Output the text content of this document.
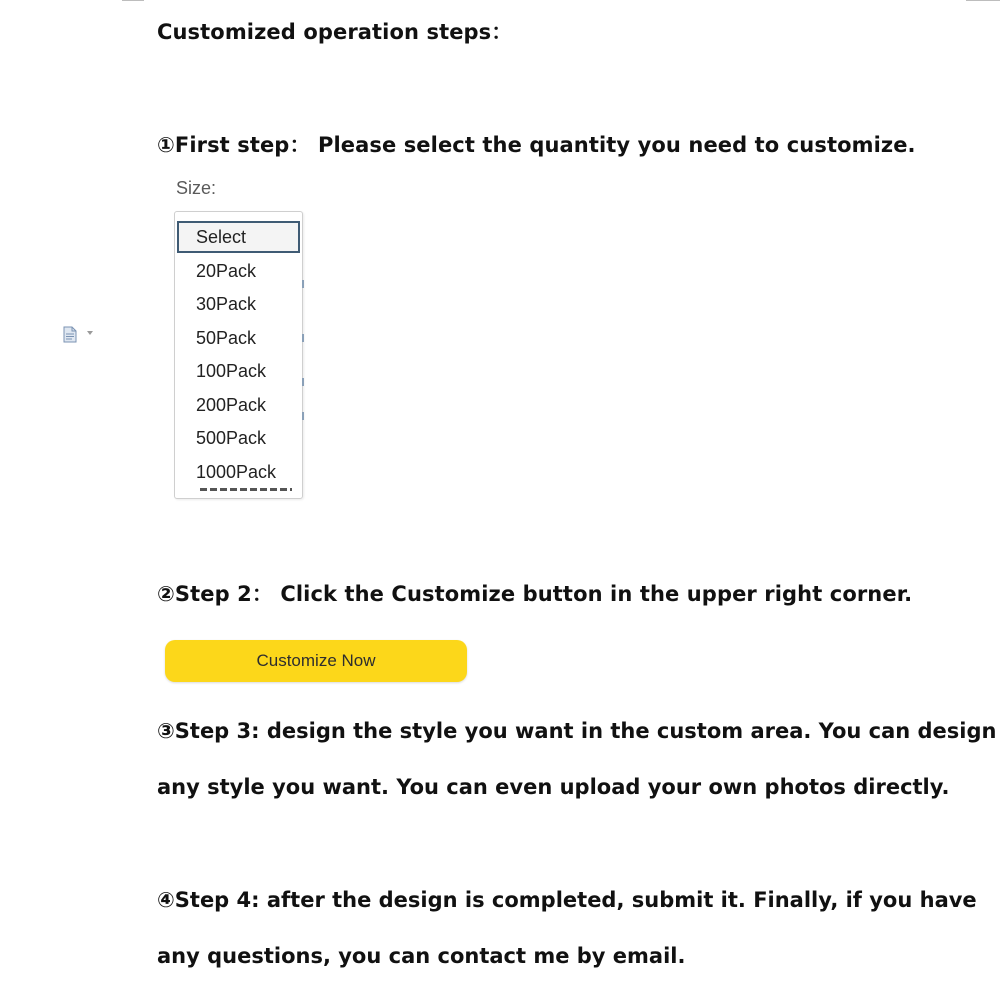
Customized operation steps：
①First step： Please select the quantity you need to customize.
Size:
Select
20Pack
30Pack
50Pack
100Pack
200Pack
500Pack
1000Pack
②Step 2： Click the Customize button in the upper right corner.
Customize Now
③Step 3: design the style you want in the custom area. You can design
any style you want. You can even upload your own photos directly.
④Step 4: after the design is completed, submit it. Finally, if you have
any questions, you can contact me by email.
